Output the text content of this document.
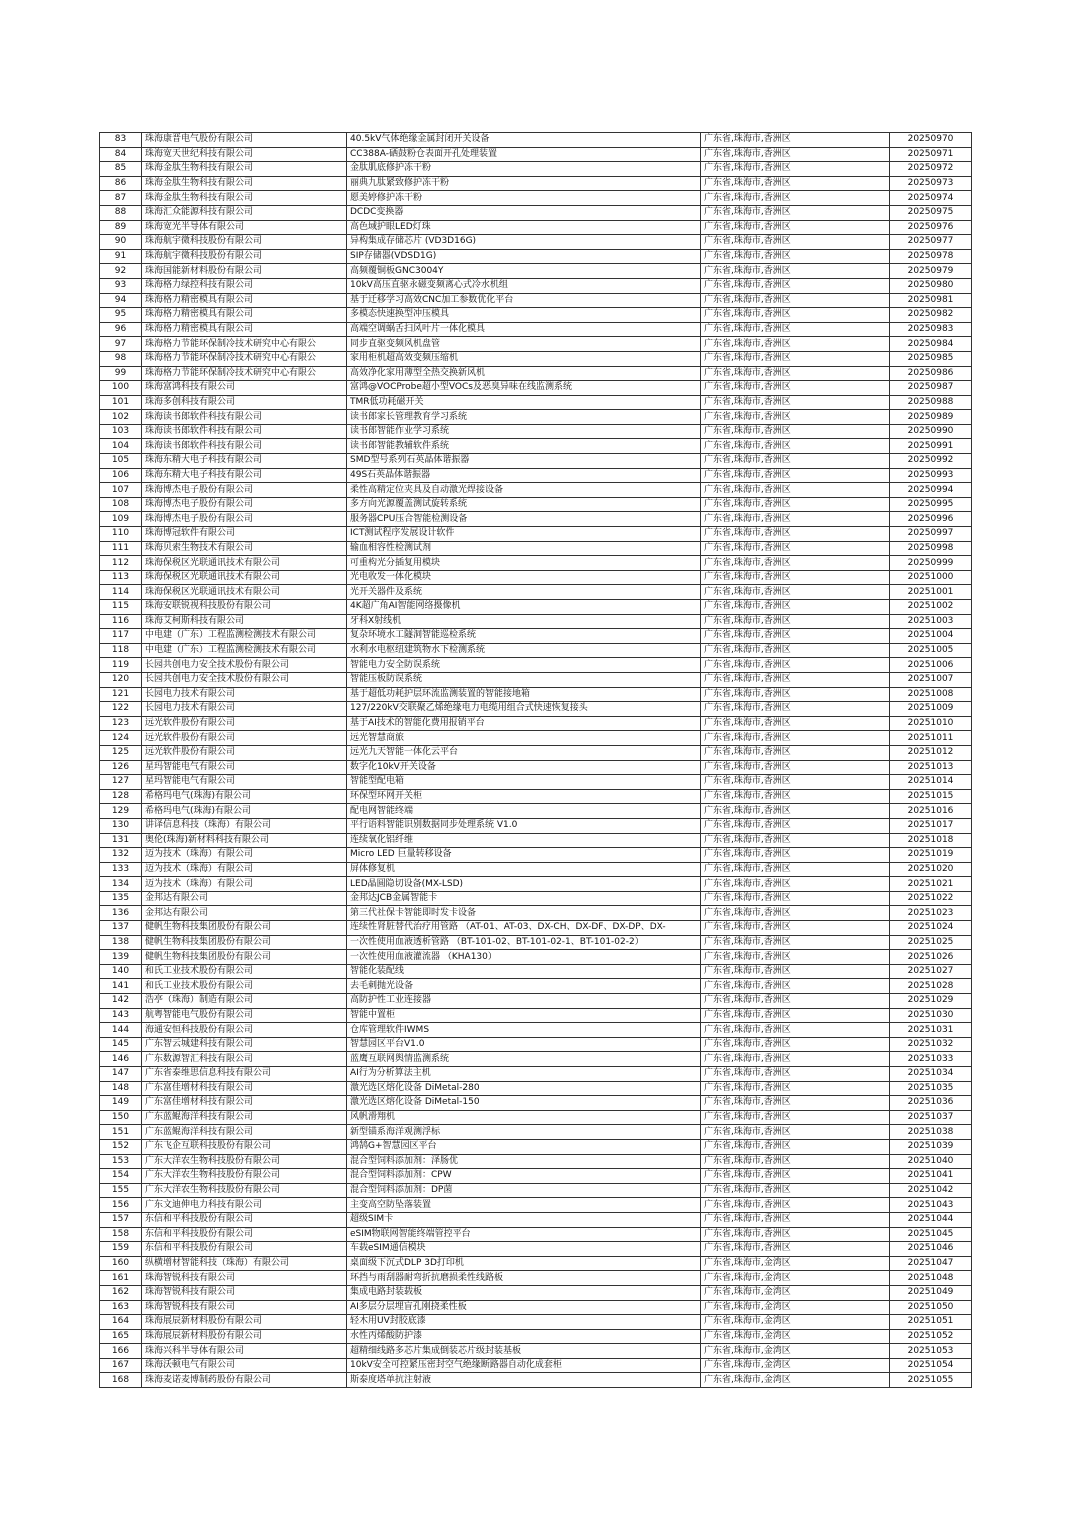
83	珠海康晋电气股份有限公司	40.5kV气体绝缘金属封闭开关设备	广东省,珠海市,香洲区	20250970
84	珠海宽天世纪科技有限公司	CC388A-硒鼓粉仓表面开孔处理装置	广东省,珠海市,香洲区	20250971
85	珠海金肽生物科技有限公司	金肽肌底修护冻干粉	广东省,珠海市,香洲区	20250972
86	珠海金肽生物科技有限公司	丽典九肽紧致修护冻干粉	广东省,珠海市,香洲区	20250973
87	珠海金肽生物科技有限公司	愿美婷修护冻干粉	广东省,珠海市,香洲区	20250974
88	珠海汇众能源科技有限公司	DCDC变换器	广东省,珠海市,香洲区	20250975
89	珠海宽光半导体有限公司	高色域护眼LED灯珠	广东省,珠海市,香洲区	20250976
90	珠海航宇微科技股份有限公司	异构集成存储芯片 (VD3D16G)	广东省,珠海市,香洲区	20250977
91	珠海航宇微科技股份有限公司	SIP存储器(VDSD1G)	广东省,珠海市,香洲区	20250978
92	珠海国能新材料股份有限公司	高频覆铜板GNC3004Y	广东省,珠海市,香洲区	20250979
93	珠海格力绿控科技有限公司	10kV高压直驱永磁变频离心式冷水机组	广东省,珠海市,香洲区	20250980
94	珠海格力精密模具有限公司	基于迁移学习高效CNC加工参数优化平台	广东省,珠海市,香洲区	20250981
95	珠海格力精密模具有限公司	多模态快速换型冲压模具	广东省,珠海市,香洲区	20250982
96	珠海格力精密模具有限公司	高端空调蜗舌扫风叶片一体化模具	广东省,珠海市,香洲区	20250983
97	珠海格力节能环保制冷技术研究中心有限公	同步直驱变频风机盘管	广东省,珠海市,香洲区	20250984
98	珠海格力节能环保制冷技术研究中心有限公	家用柜机超高效变频压缩机	广东省,珠海市,香洲区	20250985
99	珠海格力节能环保制冷技术研究中心有限公	高效净化家用薄型全热交换新风机	广东省,珠海市,香洲区	20250986
100	珠海富鸿科技有限公司	富鸿@VOCProbe超小型VOCs及恶臭异味在线监测系统	广东省,珠海市,香洲区	20250987
101	珠海多创科技有限公司	TMR低功耗磁开关	广东省,珠海市,香洲区	20250988
102	珠海读书郎软件科技有限公司	读书郎家长管理教育学习系统	广东省,珠海市,香洲区	20250989
103	珠海读书郎软件科技有限公司	读书郎智能作业学习系统	广东省,珠海市,香洲区	20250990
104	珠海读书郎软件科技有限公司	读书郎智能教辅软件系统	广东省,珠海市,香洲区	20250991
105	珠海东精大电子科技有限公司	SMD型号系列石英晶体谐振器	广东省,珠海市,香洲区	20250992
106	珠海东精大电子科技有限公司	49S石英晶体谐振器	广东省,珠海市,香洲区	20250993
107	珠海博杰电子股份有限公司	柔性高精定位夹具及自动激光焊接设备	广东省,珠海市,香洲区	20250994
108	珠海博杰电子股份有限公司	多方向光源覆盖测试旋转系统	广东省,珠海市,香洲区	20250995
109	珠海博杰电子股份有限公司	服务器CPU压合智能检测设备	广东省,珠海市,香洲区	20250996
110	珠海博冠软件有限公司	ICT测试程序发展设计软件	广东省,珠海市,香洲区	20250997
111	珠海贝索生物技术有限公司	输血相容性检测试剂	广东省,珠海市,香洲区	20250998
112	珠海保税区光联通讯技术有限公司	可重构光分插复用模块	广东省,珠海市,香洲区	20250999
113	珠海保税区光联通讯技术有限公司	光电收发一体化模块	广东省,珠海市,香洲区	20251000
114	珠海保税区光联通讯技术有限公司	光开关器件及系统	广东省,珠海市,香洲区	20251001
115	珠海安联锐视科技股份有限公司	4K超广角AI智能网络摄像机	广东省,珠海市,香洲区	20251002
116	珠海艾柯斯科技有限公司	牙科X射线机	广东省,珠海市,香洲区	20251003
117	中电建（广东）工程监测检测技术有限公司	复杂环境水工隧洞智能巡检系统	广东省,珠海市,香洲区	20251004
118	中电建（广东）工程监测检测技术有限公司	水利水电枢纽建筑物水下检测系统	广东省,珠海市,香洲区	20251005
119	长园共创电力安全技术股份有限公司	智能电力安全防误系统	广东省,珠海市,香洲区	20251006
120	长园共创电力安全技术股份有限公司	智能压板防误系统	广东省,珠海市,香洲区	20251007
121	长园电力技术有限公司	基于超低功耗护层环流监测装置的智能接地箱	广东省,珠海市,香洲区	20251008
122	长园电力技术有限公司	127/220kV交联聚乙烯绝缘电力电缆用组合式快速恢复接头	广东省,珠海市,香洲区	20251009
123	远光软件股份有限公司	基于AI技术的智能化费用报销平台	广东省,珠海市,香洲区	20251010
124	远光软件股份有限公司	远光智慧商旅	广东省,珠海市,香洲区	20251011
125	远光软件股份有限公司	远光九天智能一体化云平台	广东省,珠海市,香洲区	20251012
126	星玛智能电气有限公司	数字化10kV开关设备	广东省,珠海市,香洲区	20251013
127	星玛智能电气有限公司	智能型配电箱	广东省,珠海市,香洲区	20251014
128	希格玛电气(珠海)有限公司	环保型环网开关柜	广东省,珠海市,香洲区	20251015
129	希格玛电气(珠海)有限公司	配电网智能终端	广东省,珠海市,香洲区	20251016
130	讲译信息科技（珠海）有限公司	平行语料智能识别数据同步处理系统 V1.0	广东省,珠海市,香洲区	20251017
131	奥伦(珠海)新材料科技有限公司	连续氧化铝纤维	广东省,珠海市,香洲区	20251018
132	迈为技术（珠海）有限公司	Micro LED 巨量转移设备	广东省,珠海市,香洲区	20251019
133	迈为技术（珠海）有限公司	屏体修复机	广东省,珠海市,香洲区	20251020
134	迈为技术（珠海）有限公司	LED晶圆隐切设备(MX-LSD)	广东省,珠海市,香洲区	20251021
135	金邦达有限公司	金邦达JCB金属智能卡	广东省,珠海市,香洲区	20251022
136	金邦达有限公司	第三代社保卡智能即时发卡设备	广东省,珠海市,香洲区	20251023
137	健帆生物科技集团股份有限公司	连续性肾脏替代治疗用管路 （AT-01、AT-03、DX-CH、DX-DF、DX-DP、DX-	广东省,珠海市,香洲区	20251024
138	健帆生物科技集团股份有限公司	一次性使用血液透析管路 （BT-101-02、BT-101-02-1、BT-101-02-2）	广东省,珠海市,香洲区	20251025
139	健帆生物科技集团股份有限公司	一次性使用血液灌流器 （KHA130）	广东省,珠海市,香洲区	20251026
140	和氏工业技术股份有限公司	智能化装配线	广东省,珠海市,香洲区	20251027
141	和氏工业技术股份有限公司	去毛刺抛光设备	广东省,珠海市,香洲区	20251028
142	浩亭（珠海）制造有限公司	高防护性工业连接器	广东省,珠海市,香洲区	20251029
143	航粤智能电气股份有限公司	智能中置柜	广东省,珠海市,香洲区	20251030
144	海通安恒科技股份有限公司	仓库管理软件IWMS	广东省,珠海市,香洲区	20251031
145	广东智云城建科技有限公司	智慧园区平台V1.0	广东省,珠海市,香洲区	20251032
146	广东数源智汇科技有限公司	蓝鹰互联网舆情监测系统	广东省,珠海市,香洲区	20251033
147	广东省泰维思信息科技有限公司	AI行为分析算法主机	广东省,珠海市,香洲区	20251034
148	广东富佳增材科技有限公司	激光选区熔化设备 DiMetal-280	广东省,珠海市,香洲区	20251035
149	广东富佳增材科技有限公司	激光选区熔化设备 DiMetal-150	广东省,珠海市,香洲区	20251036
150	广东蓝鲲海洋科技有限公司	风帆滑翔机	广东省,珠海市,香洲区	20251037
151	广东蓝鲲海洋科技有限公司	新型锚系海洋观测浮标	广东省,珠海市,香洲区	20251038
152	广东飞企互联科技股份有限公司	鸿鹄G+智慧园区平台	广东省,珠海市,香洲区	20251039
153	广东大洋农生物科技股份有限公司	混合型饲料添加剂：泽肠优	广东省,珠海市,香洲区	20251040
154	广东大洋农生物科技股份有限公司	混合型饲料添加剂：CPW	广东省,珠海市,香洲区	20251041
155	广东大洋农生物科技股份有限公司	混合型饲料添加剂：DP菌	广东省,珠海市,香洲区	20251042
156	广东文迪伸电力科技有限公司	主变高空防坠落装置	广东省,珠海市,香洲区	20251043
157	东信和平科技股份有限公司	超级SIM卡	广东省,珠海市,香洲区	20251044
158	东信和平科技股份有限公司	eSIM物联网智能终端管控平台	广东省,珠海市,香洲区	20251045
159	东信和平科技股份有限公司	车载eSIM通信模块	广东省,珠海市,香洲区	20251046
160	纵横增材智能科技（珠海）有限公司	桌面级下沉式DLP 3D打印机	广东省,珠海市,金湾区	20251047
161	珠海智锐科技有限公司	环挡与雨刮器耐弯折抗磨损柔性线路板	广东省,珠海市,金湾区	20251048
162	珠海智锐科技有限公司	集成电路封装载板	广东省,珠海市,金湾区	20251049
163	珠海智锐科技有限公司	AI多层分层埋盲孔刚挠柔性板	广东省,珠海市,金湾区	20251050
164	珠海展辰新材料股份有限公司	轻木用UV封胶底漆	广东省,珠海市,金湾区	20251051
165	珠海展辰新材料股份有限公司	水性丙烯酸防护漆	广东省,珠海市,金湾区	20251052
166	珠海兴科半导体有限公司	超精细线路多芯片集成倒装芯片级封装基板	广东省,珠海市,金湾区	20251053
167	珠海沃顿电气有限公司	10kV安全可控紧压密封空气绝缘断路器自动化成套柜	广东省,珠海市,金湾区	20251054
168	珠海麦诺麦博制药股份有限公司	斯泰度塔单抗注射液	广东省,珠海市,金湾区	20251055
